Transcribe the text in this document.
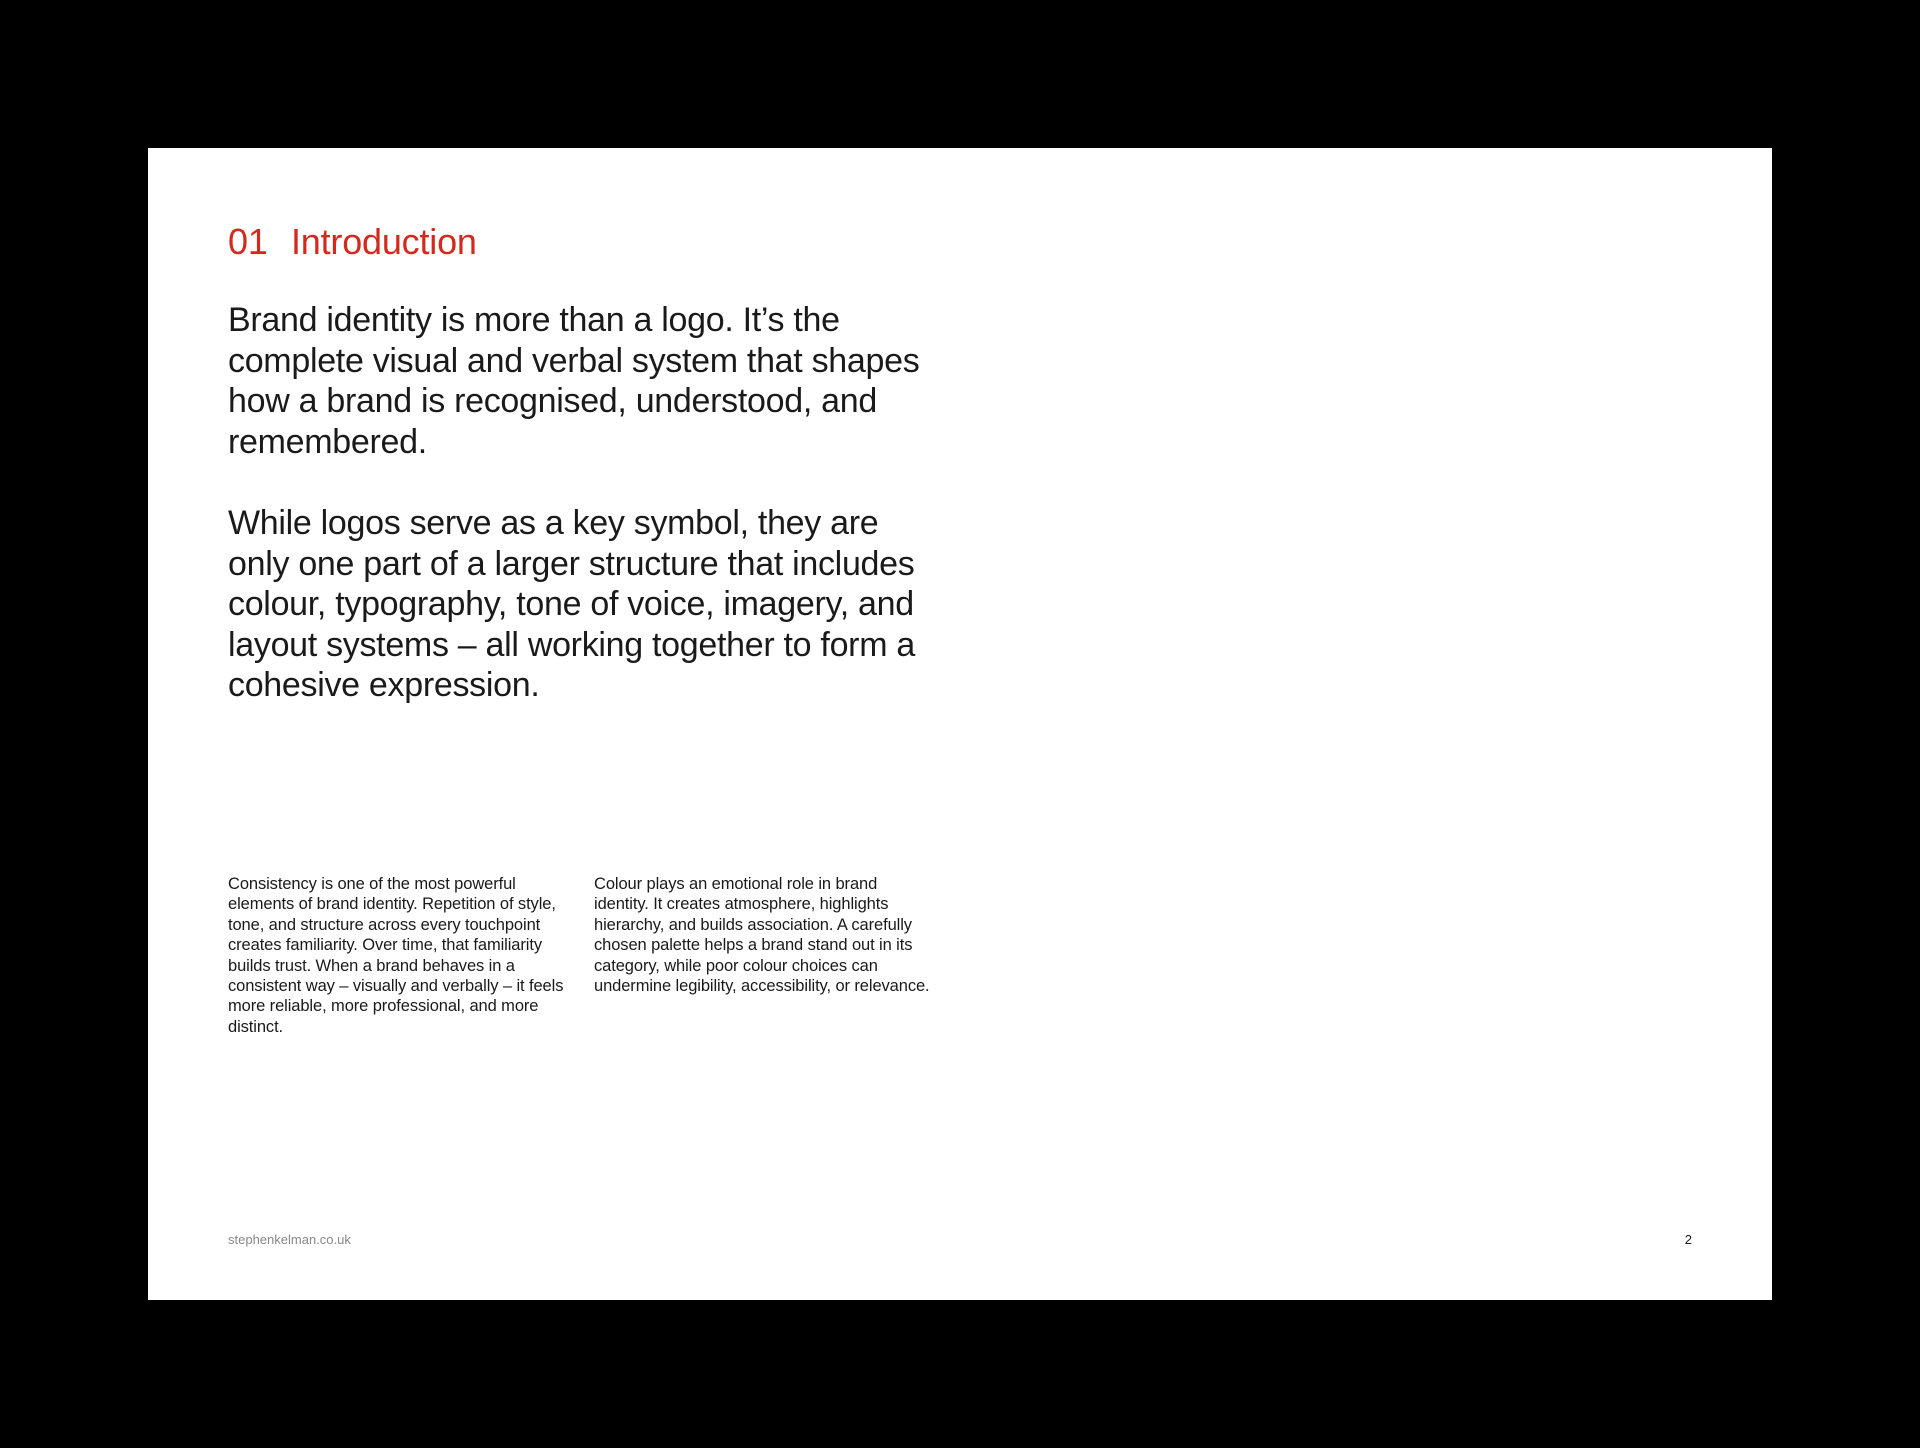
01 Introduction

Brand identity is more than a logo. It’s the complete visual and verbal system that shapes how a brand is recognised, understood, and remembered.

While logos serve as a key symbol, they are only one part of a larger structure that includes colour, typography, tone of voice, imagery, and layout systems – all working together to form a cohesive expression.

Consistency is one of the most powerful elements of brand identity. Repetition of style, tone, and structure across every touchpoint creates familiarity. Over time, that familiarity builds trust. When a brand behaves in a consistent way – visually and verbally – it feels more reliable, more professional, and more distinct.

Colour plays an emotional role in brand identity. It creates atmosphere, highlights hierarchy, and builds association. A carefully chosen palette helps a brand stand out in its category, while poor colour choices can undermine legibility, accessibility, or relevance.

stephenkelman.co.uk	2
